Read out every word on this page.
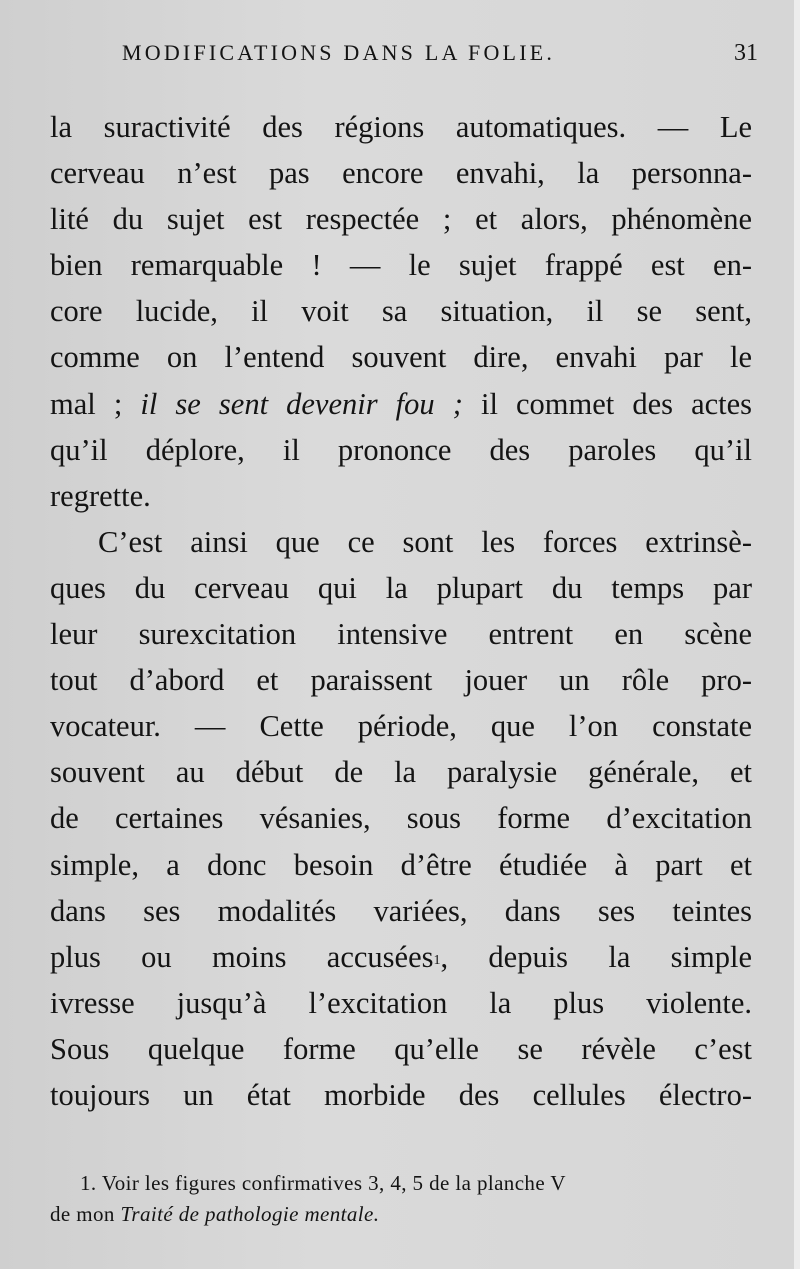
MODIFICATIONS DANS LA FOLIE.	31
la suractivité des régions automatiques. — Le
cerveau n’est pas encore envahi, la personna-
lité du sujet est respectée ; et alors, phénomène
bien remarquable ! — le sujet frappé est en-
core lucide, il voit sa situation, il se sent,
comme on l’entend souvent dire, envahi par le
mal ; il se sent devenir fou ; il commet des actes
qu’il déplore, il prononce des paroles qu’il
regrette.
C’est ainsi que ce sont les forces extrinsè-
ques du cerveau qui la plupart du temps par
leur surexcitation intensive entrent en scène
tout d’abord et paraissent jouer un rôle pro-
vocateur. — Cette période, que l’on constate
souvent au début de la paralysie générale, et
de certaines vésanies, sous forme d’excitation
simple, a donc besoin d’être étudiée à part et
dans ses modalités variées, dans ses teintes
plus ou moins accusées$^1$, depuis la simple
ivresse jusqu’à l’excitation la plus violente.
Sous quelque forme qu’elle se révèle c’est
toujours un état morbide des cellules électro-
1. Voir les figures confirmatives 3, 4, 5 de la planche V
de mon Traité de pathologie mentale.
